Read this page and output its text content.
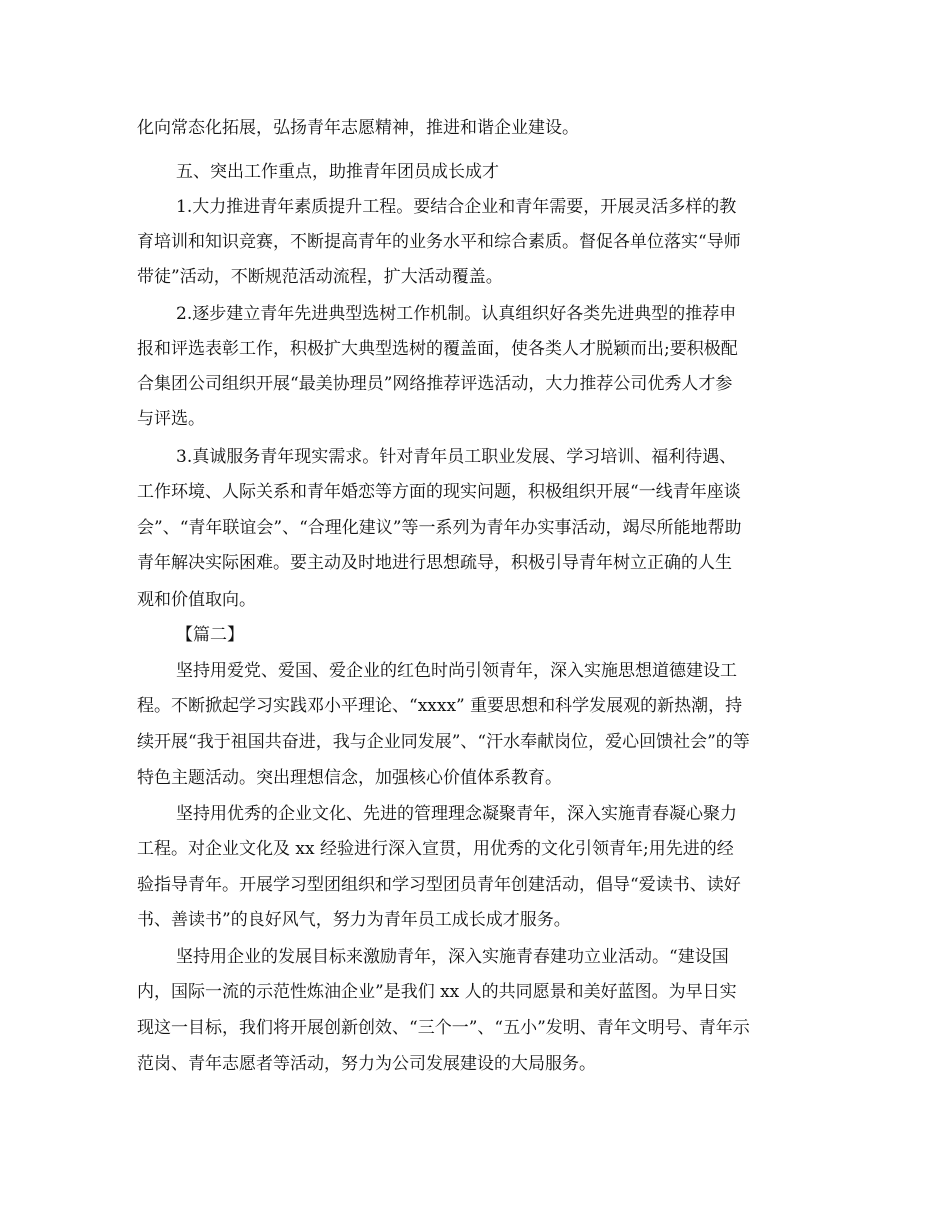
化向常态化拓展，弘扬青年志愿精神，推进和谐企业建设。
五、突出工作重点，助推青年团员成长成才
1.大力推进青年素质提升工程。要结合企业和青年需要，开展灵活多样的教
育培训和知识竞赛，不断提高青年的业务水平和综合素质。督促各单位落实“导师
带徒”活动，不断规范活动流程，扩大活动覆盖。
2.逐步建立青年先进典型选树工作机制。认真组织好各类先进典型的推荐申
报和评选表彰工作，积极扩大典型选树的覆盖面，使各类人才脱颖而出;要积极配
合集团公司组织开展“最美协理员”网络推荐评选活动，大力推荐公司优秀人才参
与评选。
3.真诚服务青年现实需求。针对青年员工职业发展、学习培训、福利待遇、
工作环境、人际关系和青年婚恋等方面的现实问题，积极组织开展“一线青年座谈
会”、“青年联谊会”、“合理化建议”等一系列为青年办实事活动，竭尽所能地帮助
青年解决实际困难。要主动及时地进行思想疏导，积极引导青年树立正确的人生
观和价值取向。
【篇二】
坚持用爱党、爱国、爱企业的红色时尚引领青年，深入实施思想道德建设工
程。不断掀起学习实践邓小平理论、“xxxx” 重要思想和科学发展观的新热潮，持
续开展“我于祖国共奋进，我与企业同发展”、“汗水奉献岗位，爱心回馈社会”的等
特色主题活动。突出理想信念，加强核心价值体系教育。
坚持用优秀的企业文化、先进的管理理念凝聚青年，深入实施青春凝心聚力
工程。对企业文化及 xx 经验进行深入宣贯，用优秀的文化引领青年;用先进的经
验指导青年。开展学习型团组织和学习型团员青年创建活动，倡导“爱读书、读好
书、善读书”的良好风气，努力为青年员工成长成才服务。
坚持用企业的发展目标来激励青年，深入实施青春建功立业活动。“建设国
内，国际一流的示范性炼油企业”是我们 xx 人的共同愿景和美好蓝图。为早日实
现这一目标，我们将开展创新创效、“三个一”、“五小”发明、青年文明号、青年示
范岗、青年志愿者等活动，努力为公司发展建设的大局服务。
